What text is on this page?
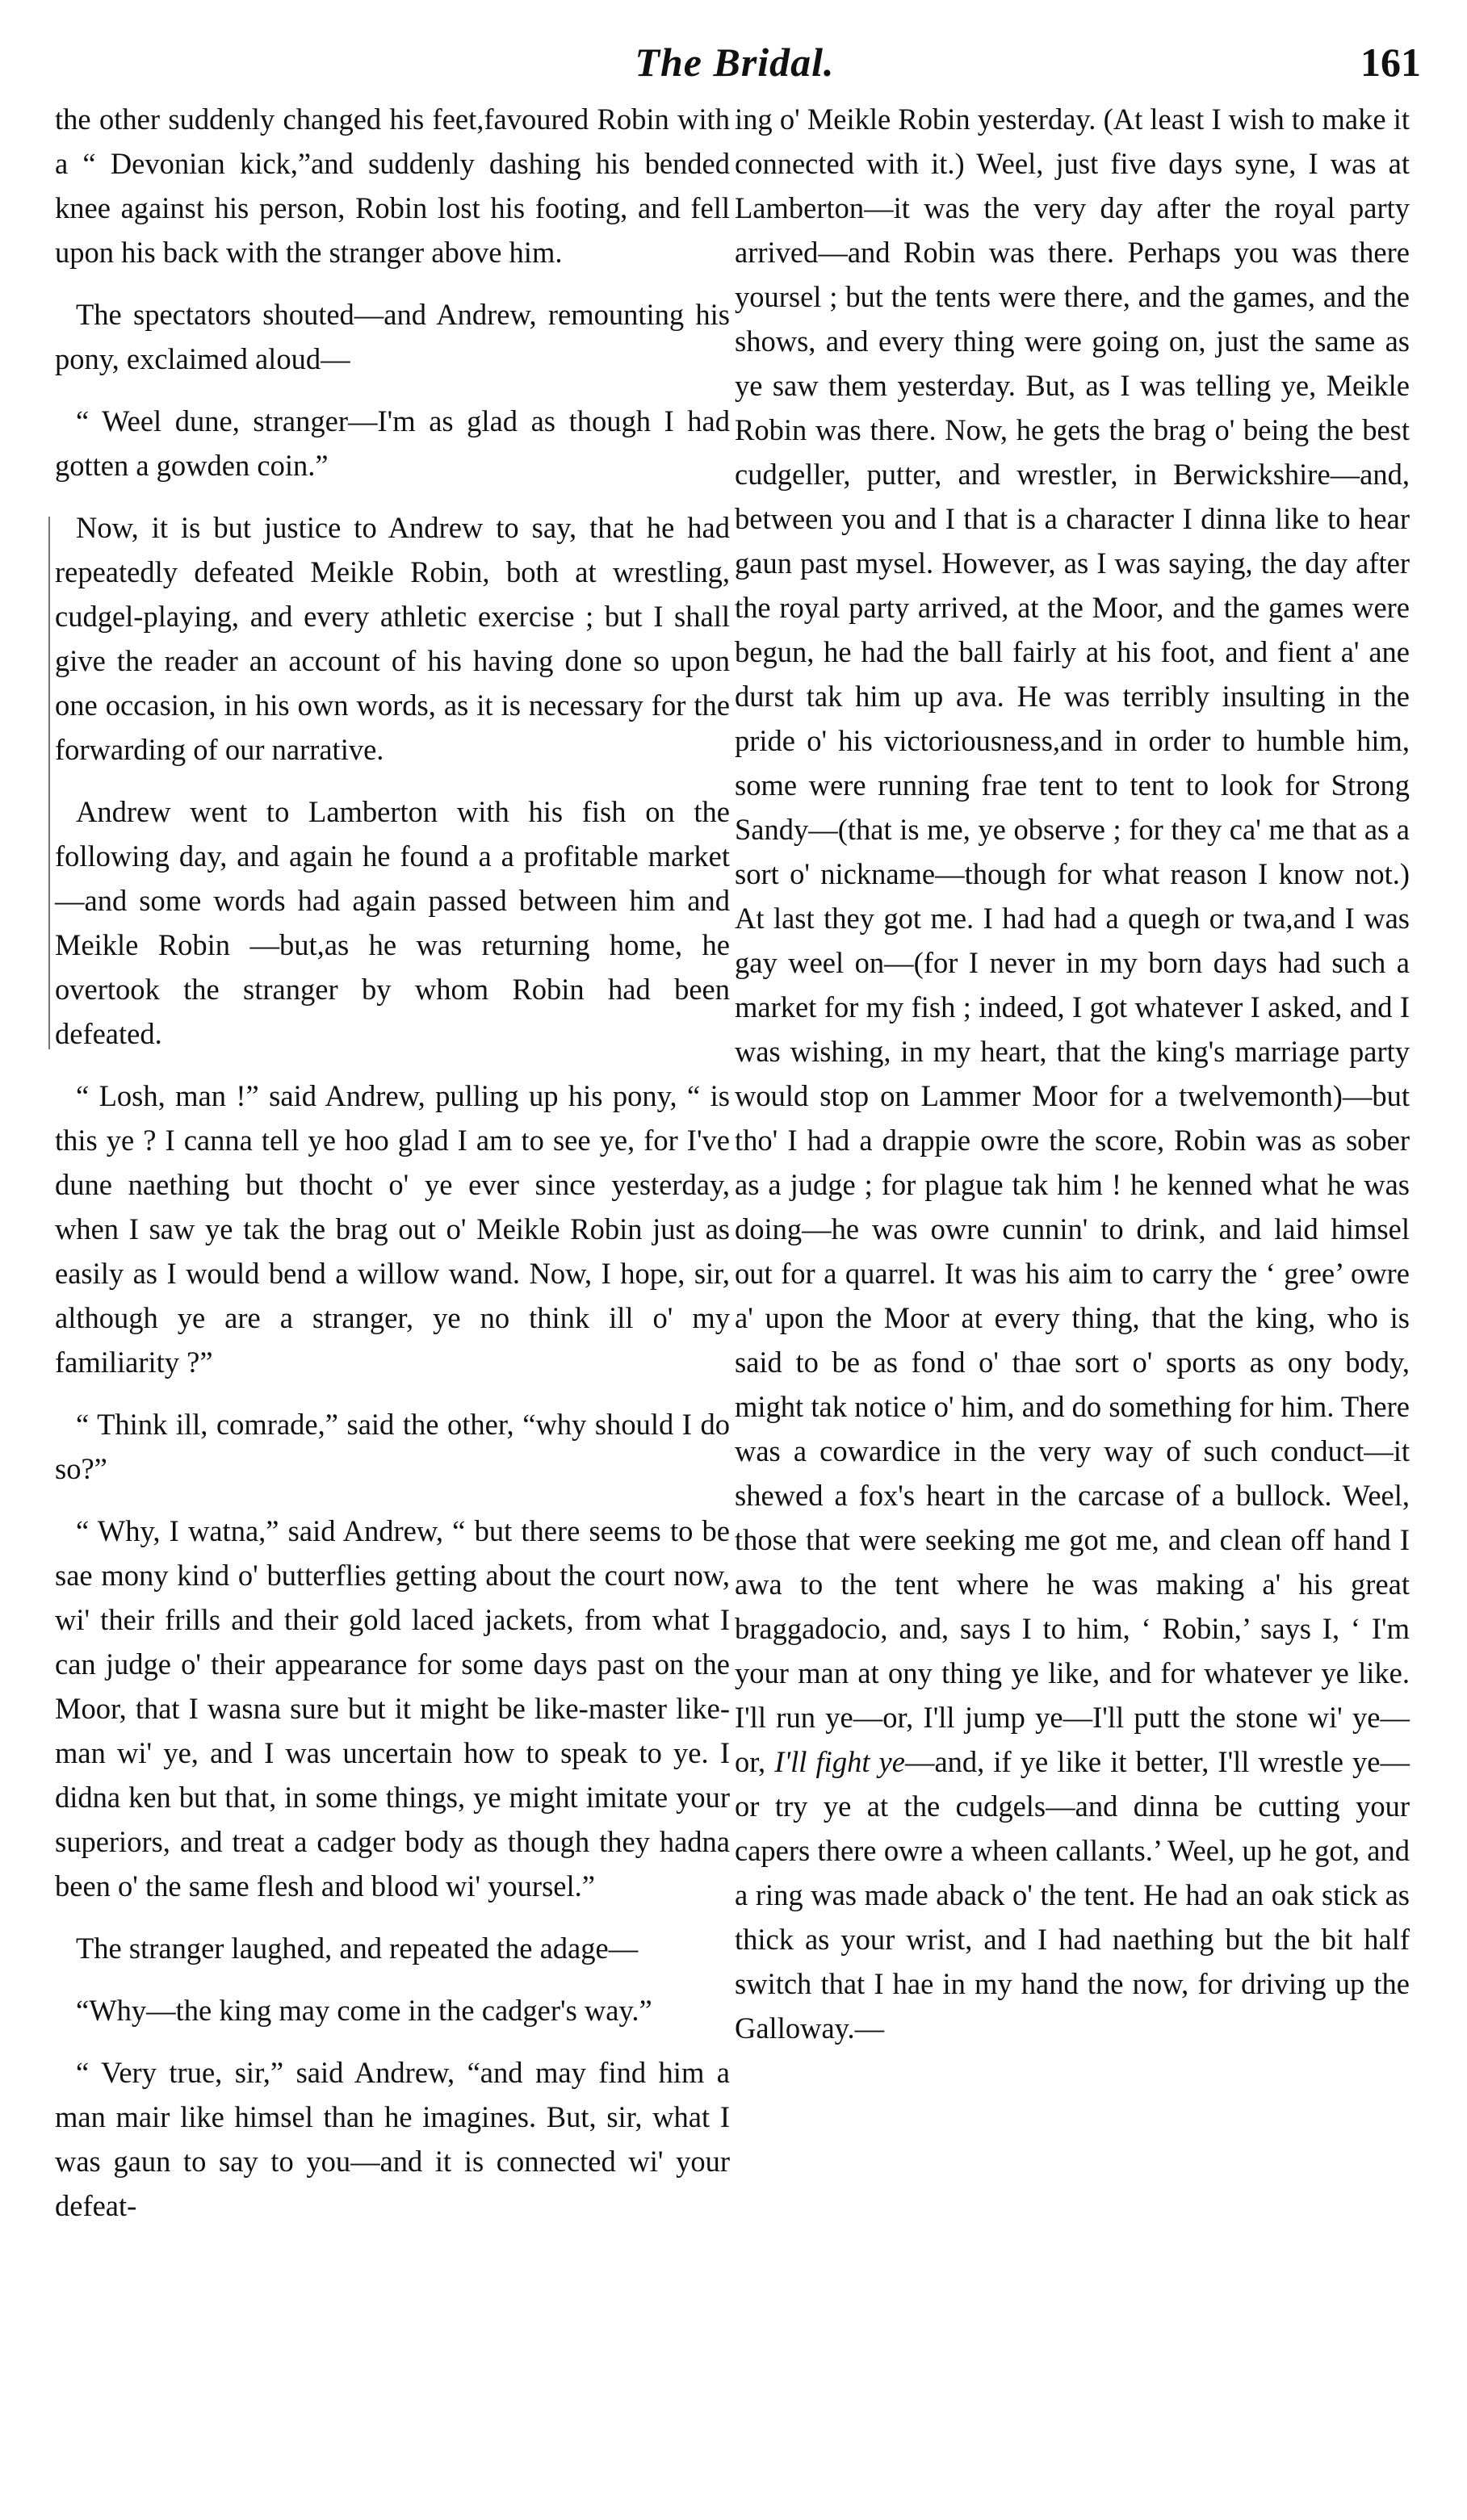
The Bridal.	161

the other suddenly changed his feet,favoured Robin with a “ Devonian kick,”and suddenly dashing his bended knee against his person, Robin lost his footing, and fell upon his back with the stranger above him.

The spectators shouted—and Andrew, remounting his pony, exclaimed aloud—

“ Weel dune, stranger—I'm as glad as though I had gotten a gowden coin.”

Now, it is but justice to Andrew to say, that he had repeatedly defeated Meikle Robin, both at wrestling, cudgel-playing, and every athletic exercise ; but I shall give the reader an account of his having done so upon one occasion, in his own words, as it is necessary for the forwarding of our narrative.

Andrew went to Lamberton with his fish on the following day, and again he found a a profitable market—and some words had again passed between him and Meikle Robin —but,as he was returning home, he overtook the stranger by whom Robin had been defeated.

“ Losh, man !” said Andrew, pulling up his pony, “ is this ye ? I canna tell ye hoo glad I am to see ye, for I've dune naething but thocht o' ye ever since yesterday, when I saw ye tak the brag out o' Meikle Robin just as easily as I would bend a willow wand. Now, I hope, sir, although ye are a stranger, ye no think ill o' my familiarity ?”

“ Think ill, comrade,” said the other, “why should I do so?”

“ Why, I watna,” said Andrew, “ but there seems to be sae mony kind o' butterflies getting about the court now, wi' their frills and their gold laced jackets, from what I can judge o' their appearance for some days past on the Moor, that I wasna sure but it might be like-master like-man wi' ye, and I was uncertain how to speak to ye. I didna ken but that, in some things, ye might imitate your superiors, and treat a cadger body as though they hadna been o' the same flesh and blood wi' yoursel.”

The stranger laughed, and repeated the adage—

“Why—the king may come in the cadger's way.”

“ Very true, sir,” said Andrew, “and may find him a man mair like himsel than he imagines. But, sir, what I was gaun to say to you—and it is connected wi' your defeat-

ing o' Meikle Robin yesterday. (At least I wish to make it connected with it.) Weel, just five days syne, I was at Lamberton—it was the very day after the royal party arrived—and Robin was there. Perhaps you was there yoursel ; but the tents were there, and the games, and the shows, and every thing were going on, just the same as ye saw them yesterday. But, as I was telling ye, Meikle Robin was there. Now, he gets the brag o' being the best cudgeller, putter, and wrestler, in Berwickshire—and, between you and I that is a character I dinna like to hear gaun past mysel. However, as I was saying, the day after the royal party arrived, at the Moor, and the games were begun, he had the ball fairly at his foot, and fient a' ane durst tak him up ava. He was terribly insulting in the pride o' his victoriousness,and in order to humble him, some were running frae tent to tent to look for Strong Sandy—(that is me, ye observe ; for they ca' me that as a sort o' nickname—though for what reason I know not.) At last they got me. I had had a quegh or twa,and I was gay weel on—(for I never in my born days had such a market for my fish ; indeed, I got whatever I asked, and I was wishing, in my heart, that the king's marriage party would stop on Lammer Moor for a twelvemonth)—but tho' I had a drappie owre the score, Robin was as sober as a judge ; for plague tak him ! he kenned what he was doing—he was owre cunnin' to drink, and laid himsel out for a quarrel. It was his aim to carry the ‘ gree’ owre a' upon the Moor at every thing, that the king, who is said to be as fond o' thae sort o' sports as ony body, might tak notice o' him, and do something for him. There was a cowardice in the very way of such conduct—it shewed a fox's heart in the carcase of a bullock. Weel, those that were seeking me got me, and clean off hand I awa to the tent where he was making a' his great braggadocio, and, says I to him, ‘ Robin,’ says I, ‘ I'm your man at ony thing ye like, and for whatever ye like. I'll run ye—or, I'll jump ye—I'll putt the stone wi' ye—or, I'll fight ye—and, if ye like it better, I'll wrestle ye—or try ye at the cudgels—and dinna be cutting your capers there owre a wheen callants.’ Weel, up he got, and a ring was made aback o' the tent. He had an oak stick as thick as your wrist, and I had naething but the bit half switch that I hae in my hand the now, for driving up the Galloway.—
